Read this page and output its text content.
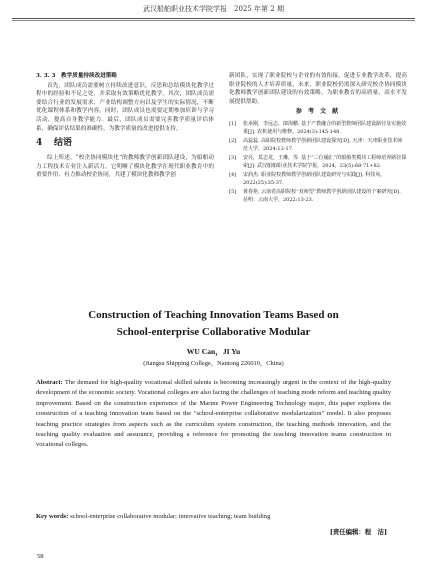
武汉船舶职业技术学院学报　2025 年第 2 期
3. 3. 3　教学质量持续改进策略

首先，团队成员需要树立持续改进意识，反思和总结模块化教学过程中的经验和不足之处，并采取有效策略优化教学。其次，团队成员需要结合行业的发展需求、产业结构调整方向以及学生的实际情况，不断优化课程体系和教学内容。同时，团队成员也需要定期参加培训与学习活动，提高自身教学能力。最后，团队成员需要完善教学质量评估体系，确保评估结果的准确性，为教学质量的改进提供支持。

4 结语

综上所述，“校企协同模块化”的教师教学创新团队建设，为船舶动力工程技术专业注入新活力，它明晰了模块化教学在现代职业教育中的重要作用、有力推动校企协同，共建了模块化教师教学创

新团队，实现了职业院校与企业的有效衔接，促进专业教学改革，提高职业院校的人才培养质量。未来，职业院校仍需深入研究校企协同模块化教师教学创新团队建设的有效策略，为职业教育的高质量、高水平发展提供帮助。

参 考 文 献
[1]	张承刚，李远志，郎海鹏. 基于产教融合的新型教师团队建设路径及实施效果[J]. 农机使用与维修，2024(3):145-148.
[2]	高蕊蕊. 高职院校教师教学创新团队建设探究[D]. 天津：天津职业技术师范大学，2024:12-17.
[3]	安亮，莫志龙，王琳，等. 基于“三位融汇”的船舶类模块工程师培养路径探索[J]. 武汉船舶职业技术学院学报，2024，23(5):68-71+82.
[4]	宋润杰. 职业院校教师教学创新团队建设研究与实践[J]. 科技风，2022(25):35-37.
[5]	黄春艳. 云南省高职院校“双师型”教师教学创新团队建设的个案研究[D]. 昆明：云南大学，2022:13-23.
Construction of Teaching Innovation Teams Based on
School-enterprise Collaborative Modular
WU Can，JI Yu
(Jiangsu Shipping College，Nantong 226010，China)
Abstract: The demand for high-quality vocational skilled talents is becoming increasingly urgent in the context of the high-quality development of the economic society. Vocational colleges are also facing the challenges of teaching mode reform and teaching quality improvement. Based on the construction experience of the Marine Power Engineering Technology major, this paper explores the construction of a teaching innovation team based on the "school-enterprise collaborative modularization" model. It also proposes teaching practice strategies from aspects such as the curriculum system construction, the teaching methods innovation, and the teaching quality evaluation and assurance, providing a reference for promoting the teaching innovation teams construction in vocational colleges.
Key words: school-enterprise collaborative modular; innovative teaching; team building
[责任编辑：程　洁]
58
